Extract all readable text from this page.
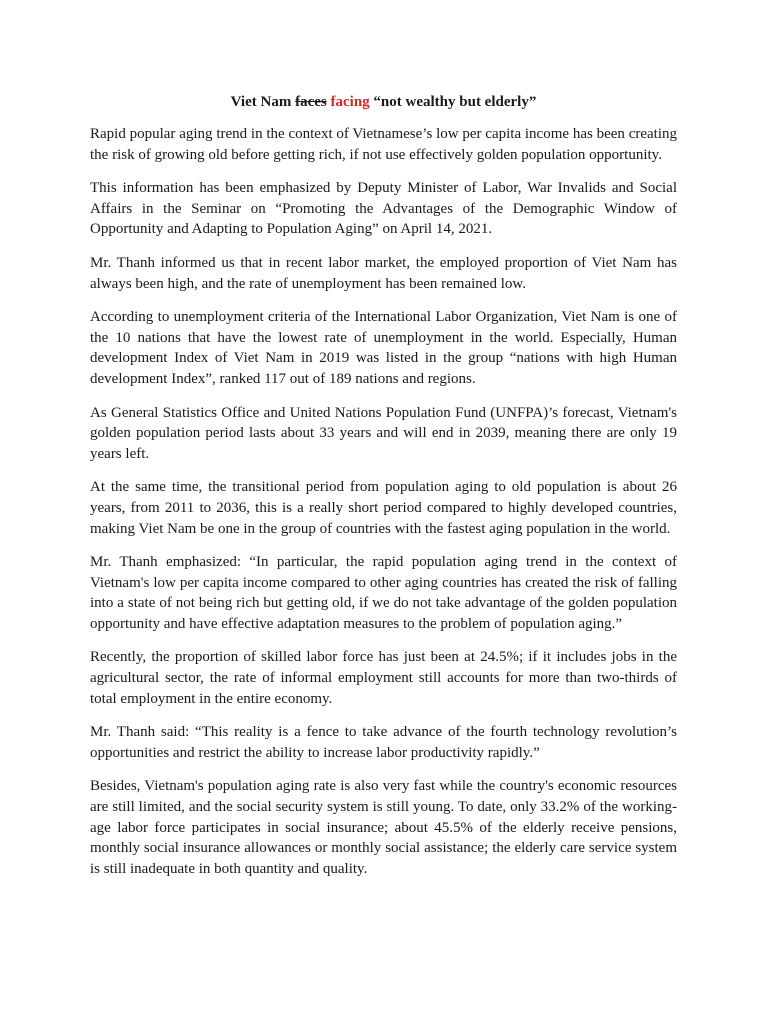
Viet Nam faces facing “not wealthy but elderly”

Rapid popular aging trend in the context of Vietnamese’s low per capita income has been creating the risk of growing old before getting rich, if not use effectively golden population opportunity.

This information has been emphasized by Deputy Minister of Labor, War Invalids and Social Affairs in the Seminar on “Promoting the Advantages of the Demographic Window of Opportunity and Adapting to Population Aging” on April 14, 2021.

Mr. Thanh informed us that in recent labor market, the employed proportion of Viet Nam has always been high, and the rate of unemployment has been remained low.

According to unemployment criteria of the International Labor Organization, Viet Nam is one of the 10 nations that have the lowest rate of unemployment in the world. Especially, Human development Index of Viet Nam in 2019 was listed in the group “nations with high Human development Index”, ranked 117 out of 189 nations and regions.

As General Statistics Office and United Nations Population Fund (UNFPA)’s forecast, Vietnam's golden population period lasts about 33 years and will end in 2039, meaning there are only 19 years left.

At the same time, the transitional period from population aging to old population is about 26 years, from 2011 to 2036, this is a really short period compared to highly developed countries, making Viet Nam be one in the group of countries with the fastest aging population in the world.

Mr. Thanh emphasized: “In particular, the rapid population aging trend in the context of Vietnam's low per capita income compared to other aging countries has created the risk of falling into a state of not being rich but getting old, if we do not take advantage of the golden population opportunity and have effective adaptation measures to the problem of population aging.”

Recently, the proportion of skilled labor force has just been at 24.5%; if it includes jobs in the agricultural sector, the rate of informal employment still accounts for more than two-thirds of total employment in the entire economy.

Mr. Thanh said: “This reality is a fence to take advance of the fourth technology revolution’s opportunities and restrict the ability to increase labor productivity rapidly.”

Besides, Vietnam's population aging rate is also very fast while the country's economic resources are still limited, and the social security system is still young. To date, only 33.2% of the working-age labor force participates in social insurance; about 45.5% of the elderly receive pensions, monthly social insurance allowances or monthly social assistance; the elderly care service system is still inadequate in both quantity and quality.
